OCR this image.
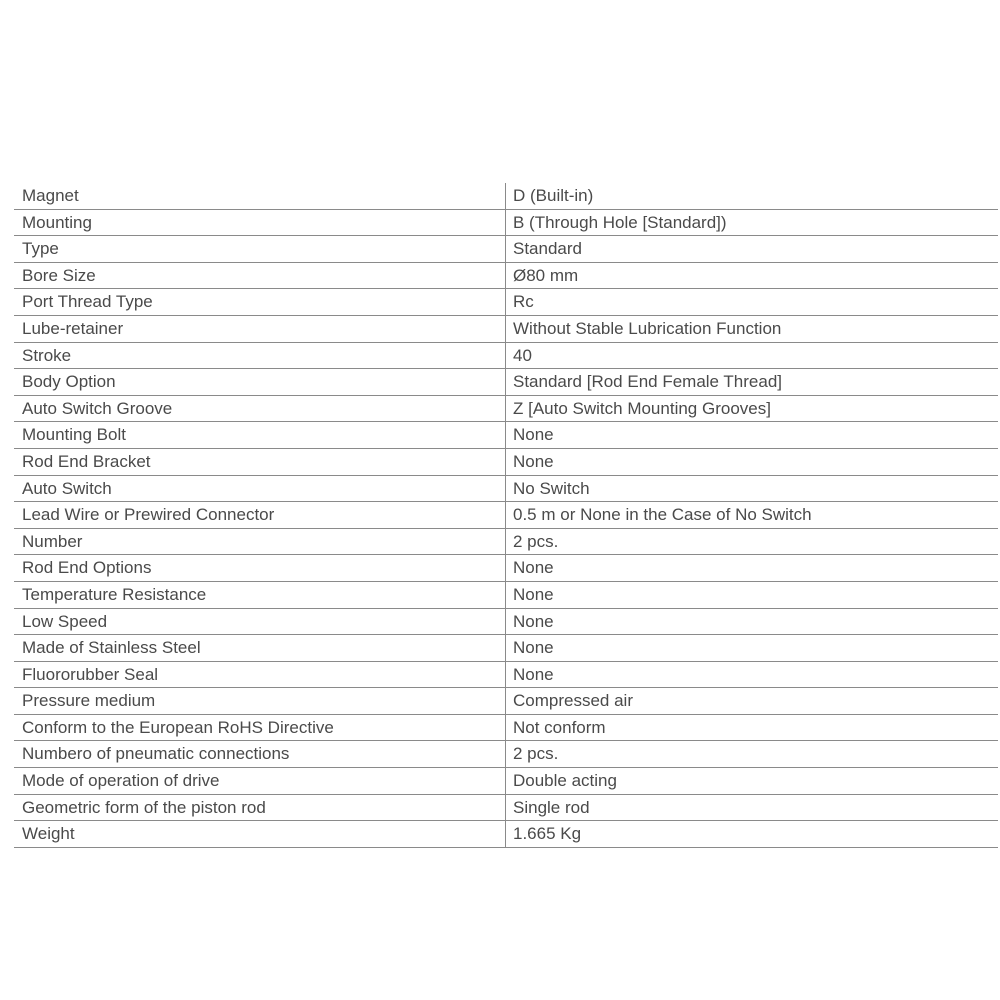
Magnet	D (Built-in)
Mounting	B (Through Hole [Standard])
Type	Standard
Bore Size	Ø80 mm
Port Thread Type	Rc
Lube-retainer	Without Stable Lubrication Function
Stroke	40
Body Option	Standard [Rod End Female Thread]
Auto Switch Groove	Z [Auto Switch Mounting Grooves]
Mounting Bolt	None
Rod End Bracket	None
Auto Switch	No Switch
Lead Wire or Prewired Connector	0.5 m or None in the Case of No Switch
Number	2 pcs.
Rod End Options	None
Temperature Resistance	None
Low Speed	None
Made of Stainless Steel	None
Fluororubber Seal	None
Pressure medium	Compressed air
Conform to the European RoHS Directive	Not conform
Numbero of pneumatic connections	2 pcs.
Mode of operation of drive	Double acting
Geometric form of the piston rod	Single rod
Weight	1.665 Kg
